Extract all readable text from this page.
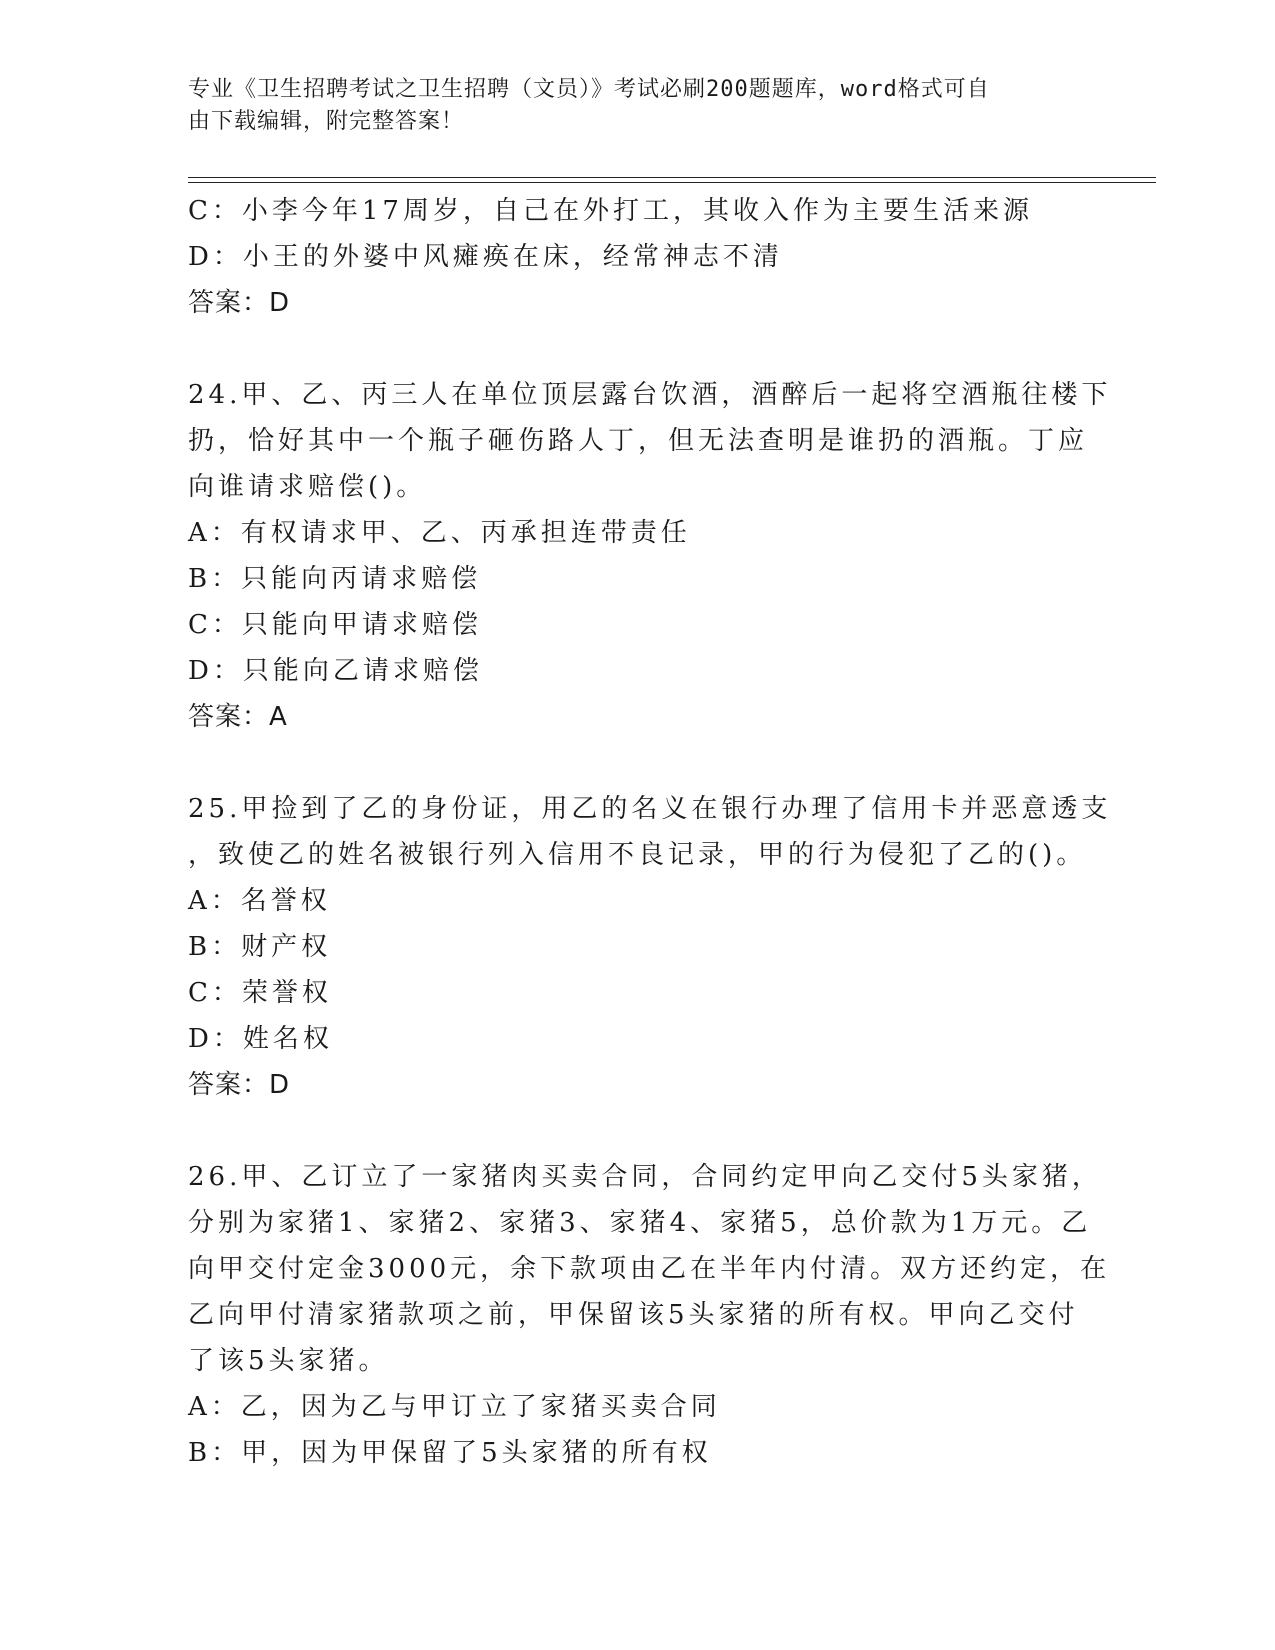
专业《卫生招聘考试之卫生招聘（文员）》考试必刷200题题库，word格式可自
由下载编辑，附完整答案！
C：小李今年17周岁，自己在外打工，其收入作为主要生活来源
D：小王的外婆中风瘫痪在床，经常神志不清
答案：D
24.甲、乙、丙三人在单位顶层露台饮酒，酒醉后一起将空酒瓶往楼下
扔，恰好其中一个瓶子砸伤路人丁，但无法查明是谁扔的酒瓶。丁应
向谁请求赔偿()。
A：有权请求甲、乙、丙承担连带责任
B：只能向丙请求赔偿
C：只能向甲请求赔偿
D：只能向乙请求赔偿
答案：A
25.甲捡到了乙的身份证，用乙的名义在银行办理了信用卡并恶意透支
，致使乙的姓名被银行列入信用不良记录，甲的行为侵犯了乙的()。
A：名誉权
B：财产权
C：荣誉权
D：姓名权
答案：D
26.甲、乙订立了一家猪肉买卖合同，合同约定甲向乙交付5头家猪，
分别为家猪1、家猪2、家猪3、家猪4、家猪5，总价款为1万元。乙
向甲交付定金3000元，余下款项由乙在半年内付清。双方还约定，在
乙向甲付清家猪款项之前，甲保留该5头家猪的所有权。甲向乙交付
了该5头家猪。
A：乙，因为乙与甲订立了家猪买卖合同
B：甲，因为甲保留了5头家猪的所有权
